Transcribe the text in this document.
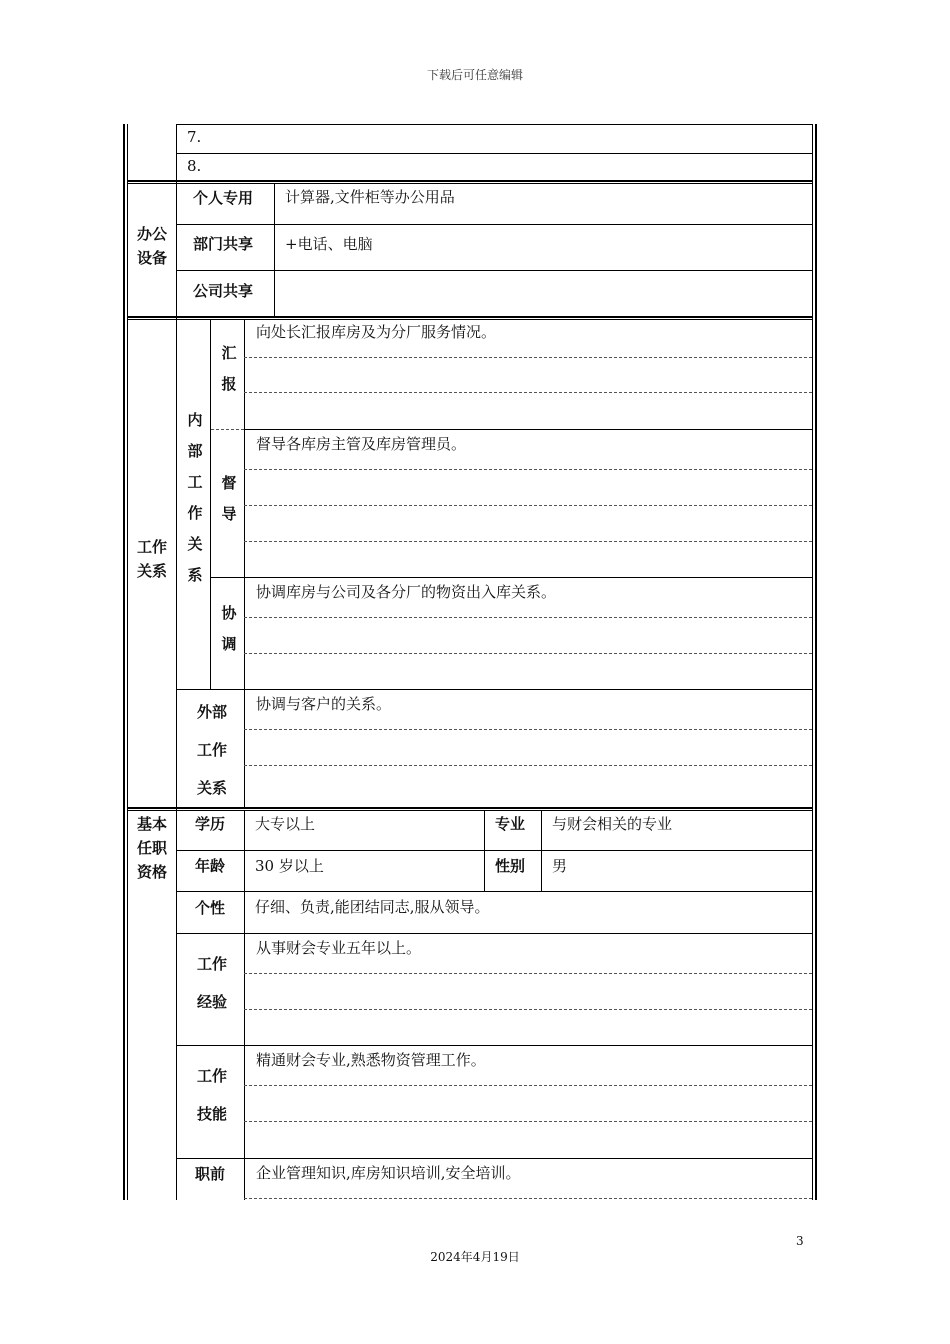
下载后可任意编辑
7.
8.
办公
设备
个人专用 计算器,文件柜等办公用品
部门共享 +电话、电脑
公司共享
工作
关系
内
部
工
作
关
系
汇
报
向处长汇报库房及为分厂服务情况。
督
导
督导各库房主管及库房管理员。
协
调
协调库房与公司及各分厂的物资出入库关系。
外部
工作
关系
协调与客户的关系。
基本
任职
资格
学历 大专以上	专业 与财会相关的专业
年龄 30 岁以上	性别 男
个性 仔细、负责,能团结同志,服从领导。
工作
经验
从事财会专业五年以上。
工作
技能
精通财会专业,熟悉物资管理工作。
职前 企业管理知识,库房知识培训,安全培训。
3
2024年4月19日
